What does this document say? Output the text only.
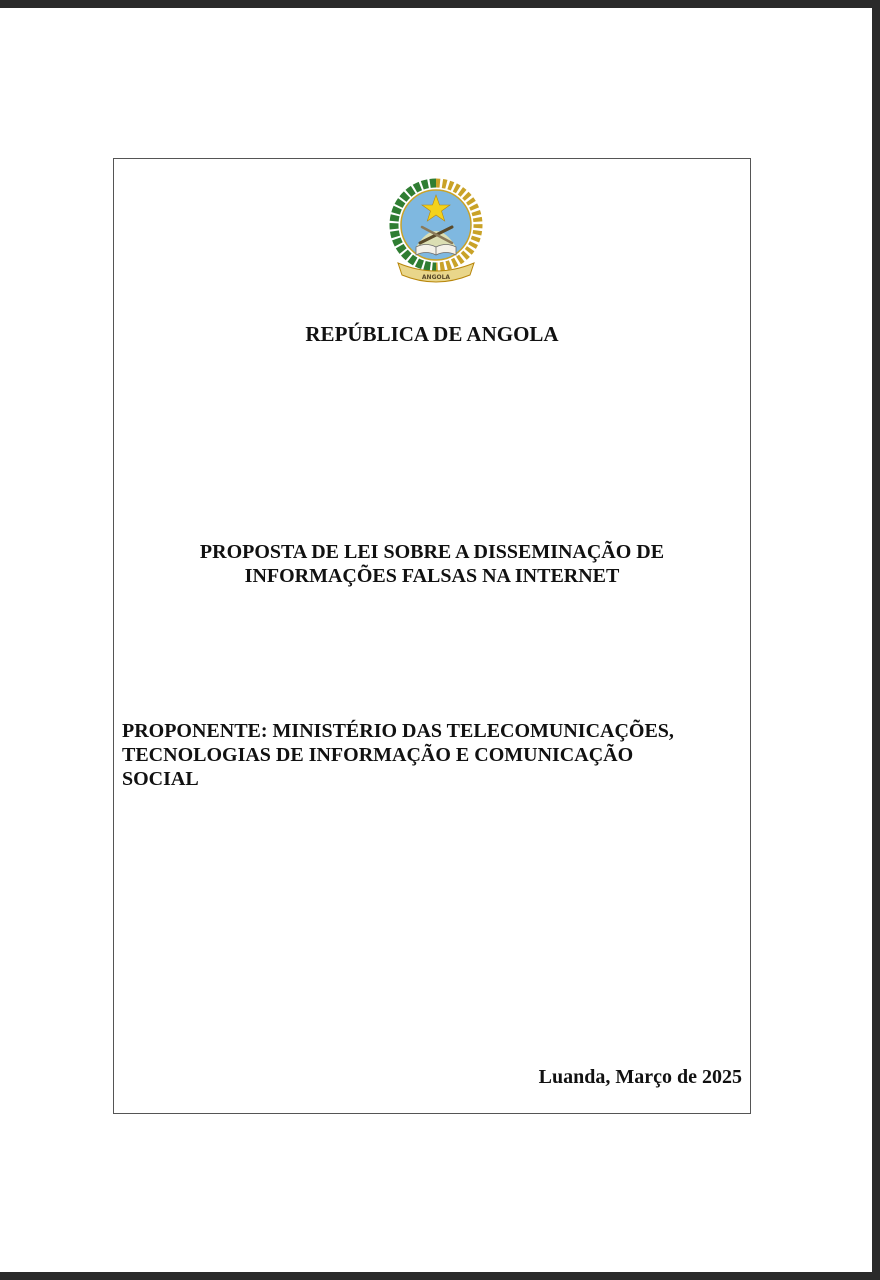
ANGOLA

REPÚBLICA DE ANGOLA

PROPOSTA DE LEI SOBRE A DISSEMINAÇÃO DE
INFORMAÇÕES FALSAS NA INTERNET

PROPONENTE: MINISTÉRIO DAS TELECOMUNICAÇÕES,
TECNOLOGIAS DE INFORMAÇÃO E COMUNICAÇÃO
SOCIAL

Luanda, Março de 2025
